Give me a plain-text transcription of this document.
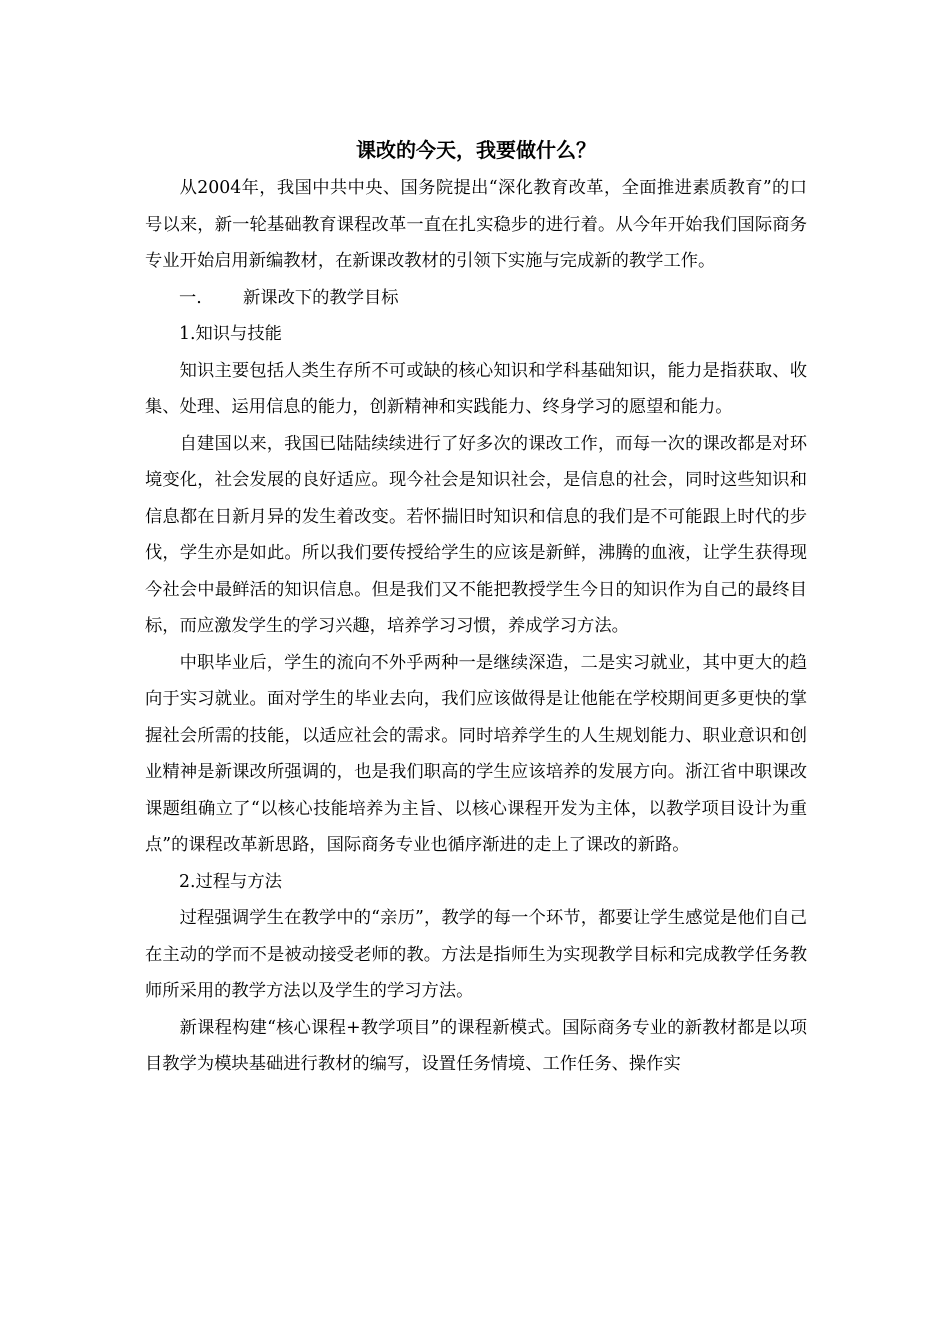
课改的今天，我要做什么？

从2004年，我国中共中央、国务院提出“深化教育改革，全面推进素质教育”的口号以来，新一轮基础教育课程改革一直在扎实稳步的进行着。从今年开始我们国际商务专业开始启用新编教材，在新课改教材的引领下实施与完成新的教学工作。

一. 新课改下的教学目标

1.知识与技能

知识主要包括人类生存所不可或缺的核心知识和学科基础知识，能力是指获取、收集、处理、运用信息的能力，创新精神和实践能力、终身学习的愿望和能力。

自建国以来，我国已陆陆续续进行了好多次的课改工作，而每一次的课改都是对环境变化，社会发展的良好适应。现今社会是知识社会，是信息的社会，同时这些知识和信息都在日新月异的发生着改变。若怀揣旧时知识和信息的我们是不可能跟上时代的步伐，学生亦是如此。所以我们要传授给学生的应该是新鲜，沸腾的血液，让学生获得现今社会中最鲜活的知识信息。但是我们又不能把教授学生今日的知识作为自己的最终目标，而应激发学生的学习兴趣，培养学习习惯，养成学习方法。

中职毕业后，学生的流向不外乎两种一是继续深造，二是实习就业，其中更大的趋向于实习就业。面对学生的毕业去向，我们应该做得是让他能在学校期间更多更快的掌握社会所需的技能，以适应社会的需求。同时培养学生的人生规划能力、职业意识和创业精神是新课改所强调的，也是我们职高的学生应该培养的发展方向。浙江省中职课改课题组确立了“以核心技能培养为主旨、以核心课程开发为主体，以教学项目设计为重点”的课程改革新思路，国际商务专业也循序渐进的走上了课改的新路。

2.过程与方法

过程强调学生在教学中的“亲历”，教学的每一个环节，都要让学生感觉是他们自己在主动的学而不是被动接受老师的教。方法是指师生为实现教学目标和完成教学任务教师所采用的教学方法以及学生的学习方法。

新课程构建“核心课程+教学项目”的课程新模式。国际商务专业的新教材都是以项目教学为模块基础进行教材的编写，设置任务情境、工作任务、操作实
